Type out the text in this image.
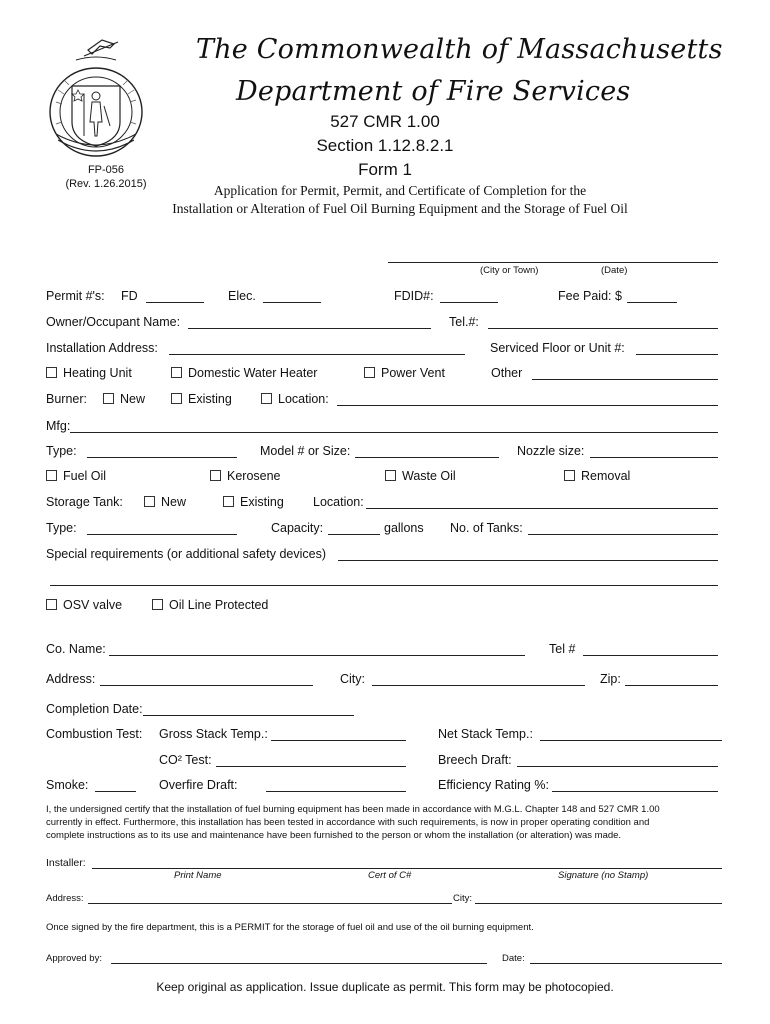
The Commonwealth of Massachusetts
Department of Fire Services
527 CMR 1.00
Section 1.12.8.2.1
Form 1
FP-056
(Rev. 1.26.2015)	Application for Permit, Permit, and Certificate of Completion for the
Installation or Alteration of Fuel Oil Burning Equipment and the Storage of Fuel Oil
(City or Town)	(Date)
Permit #'s: FD	Elec.	FDID#:	Fee Paid: $
Owner/Occupant Name:	Tel.#:
Installation Address:	Serviced Floor or Unit #:
Heating Unit	Domestic Water Heater	Power Vent	Other
Burner:	New	Existing	Location:
Mfg:
Type:	Model # or Size:	Nozzle size:
Fuel Oil	Kerosene	Waste Oil	Removal
Storage Tank:	New	Existing Location:
Type:	Capacity:	gallons No. of Tanks:
Special requirements (or additional safety devices)
OSV valve	Oil Line Protected
Co. Name:	Tel #
Address:	City:	Zip:
Completion Date:
Combustion Test: Gross Stack Temp.:	Net Stack Temp.:
CO² Test:	Breech Draft:
Smoke:	Overfire Draft:	Efficiency Rating %:
I, the undersigned certify that the installation of fuel burning equipment has been made in accordance with M.G.L. Chapter 148 and 527 CMR 1.00
currently in effect. Furthermore, this installation has been tested in accordance with such requirements, is now in proper operating condition and
complete instructions as to its use and maintenance have been furnished to the person or whom the installation (or alteration) was made.
Installer:
Print Name	Cert of C#	Signature (no Stamp)
Address:	City:
Once signed by the fire department, this is a PERMIT for the storage of fuel oil and use of the oil burning equipment.
Approved by:	Date:
Keep original as application. Issue duplicate as permit. This form may be photocopied.
